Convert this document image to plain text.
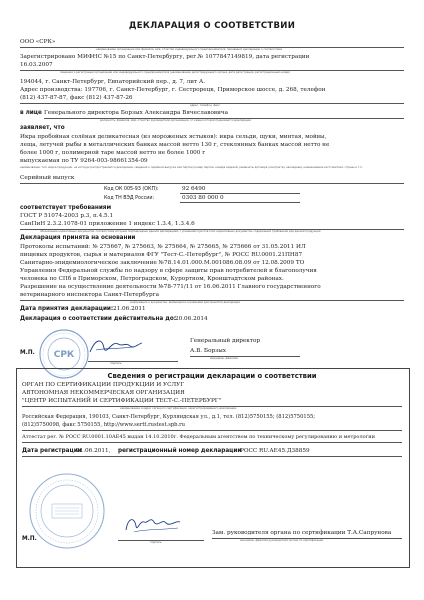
ДЕКЛАРАЦИЯ О СООТВЕТСТВИИ
ООО «СРК»
наименование организации или фамилия, имя, отчество индивидуального предпринимателя, принявших декларацию о соответствии
Зарегистрировано МИФНС №15 по Санкт-Петербургу, рег.№ 1077847149819, дата регистрации
16.03.2007
сведения о регистрации организации или индивидуального предпринимателя (наименование регистрирующего органа, дата регистрации, регистрационный номер)
194044, г. Санкт-Петербург, Евпаторийский пер., д. 7, лит А.
Адрес производства: 197706, г. Санкт-Петербург, г. Сестрорецк, Приморское шоссе, д. 268, телефон
(812) 437-87-87, факс (812) 437-87-26
адрес, телефон, факс
в лице Генерального директора Борзых Александра Вячеславовича
должность, фамилия, имя, отчество руководителя организации, от имени которой принимается декларация
заявляет, что
Икра пробойная солёная деликатесная (из мороженых ястыков): икра сельди, щуки, минтая, мойвы,
леща, летучей рыбы в металлических банках массой нетто 130 г, стеклянных банках массой нетто не
более 1000 г, полимерной таре массой нетто не более 1000 г
выпускаемая по ТУ 9264-003-98661354-09
наименование, тип, марка продукции, на которую распространяется декларация, сведения о серийном выпуске или партии (номер партии, номера изделий, реквизиты договора (контракта), накладная), наименование изготовителя, страны и т.п.
Серийный выпуск
Код ОК 005-93 (ОКП):	92 6490
Код ТН ВЭД России:	0303 80 000 0
соответствует требованиям
ГОСТ Р 51074-2003 р.3, п.4.5.1
СанПиН 2.3.2.1078-01 приложение 1 индекс 1.3.4, 1.3.4.6
обозначение нормативных документов, соответствие которым подтверждено данной декларацией, с указанием пунктов этих нормативных документов, содержащих требования для данной продукции
Декларация принята на основании
Протоколы испытаний: № 275667, № 275663, № 275664, № 275665, № 275666 от 31.05.2011 ИЛ
пищевых продуктов, сырья и материалов ФГУ "Тест-С.-Петербург", № РОСС RU.0001.21ПН87
Санитарно-эпидемиологическое заключение №78.14.01.000.М.001086.08.09 от 12.08.2009 ТО
Управления Федеральной службы по надзору в сфере защиты прав потребителей и благополучия
человека по СПб в Приморском, Петроградском, Курортном, Кронштадтском районах.
Разрешение на осуществление деятельности №78-771/11 от 16.06.2011 Главного государственного
ветеринарного инспектора Санкт-Петербурга
информация о документах, являющихся основанием для принятия декларации
Дата принятия декларации: 21.06.2011
Декларация о соответствии действительна до: 20.06.2014
СРК
М.П.
подпись
Генеральный директор
А.В. Борзых
инициалы, фамилия
Сведения о регистрации декларации о соответствии
ОРГАН ПО СЕРТИФИКАЦИИ ПРОДУКЦИИ И УСЛУГ
АВТОНОМНАЯ НЕКОММЕРЧЕСКАЯ ОРГАНИЗАЦИЯ
"ЦЕНТР ИСПЫТАНИЙ И СЕРТИФИКАЦИИ ТЕСТ-С.-ПЕТЕРБУРГ"
наименование и адрес органа по сертификации, зарегистрировавшего декларацию
Российская Федерация, 190103, Санкт-Петербург, Курляндская ул., д.1, тел. (812)5750155; (812)5750155;
(812)5750098, факс 5750155, http://www.sertt.rustest.spb.ru
Аттестат рег. № РОСС RU.0001.10АЕ45 выдан 14.10.2010г. Федеральным агентством по техническому регулированию и метрологии
Дата регистрации
21.06.2011, регистрационный номер декларации
РОСС RU.АЕ45.Д38859
М.П.
подпись
Зам. руководителя органа по сертификации Т.А.Сапрунова
инициалы, фамилия руководителя органа по сертификации
